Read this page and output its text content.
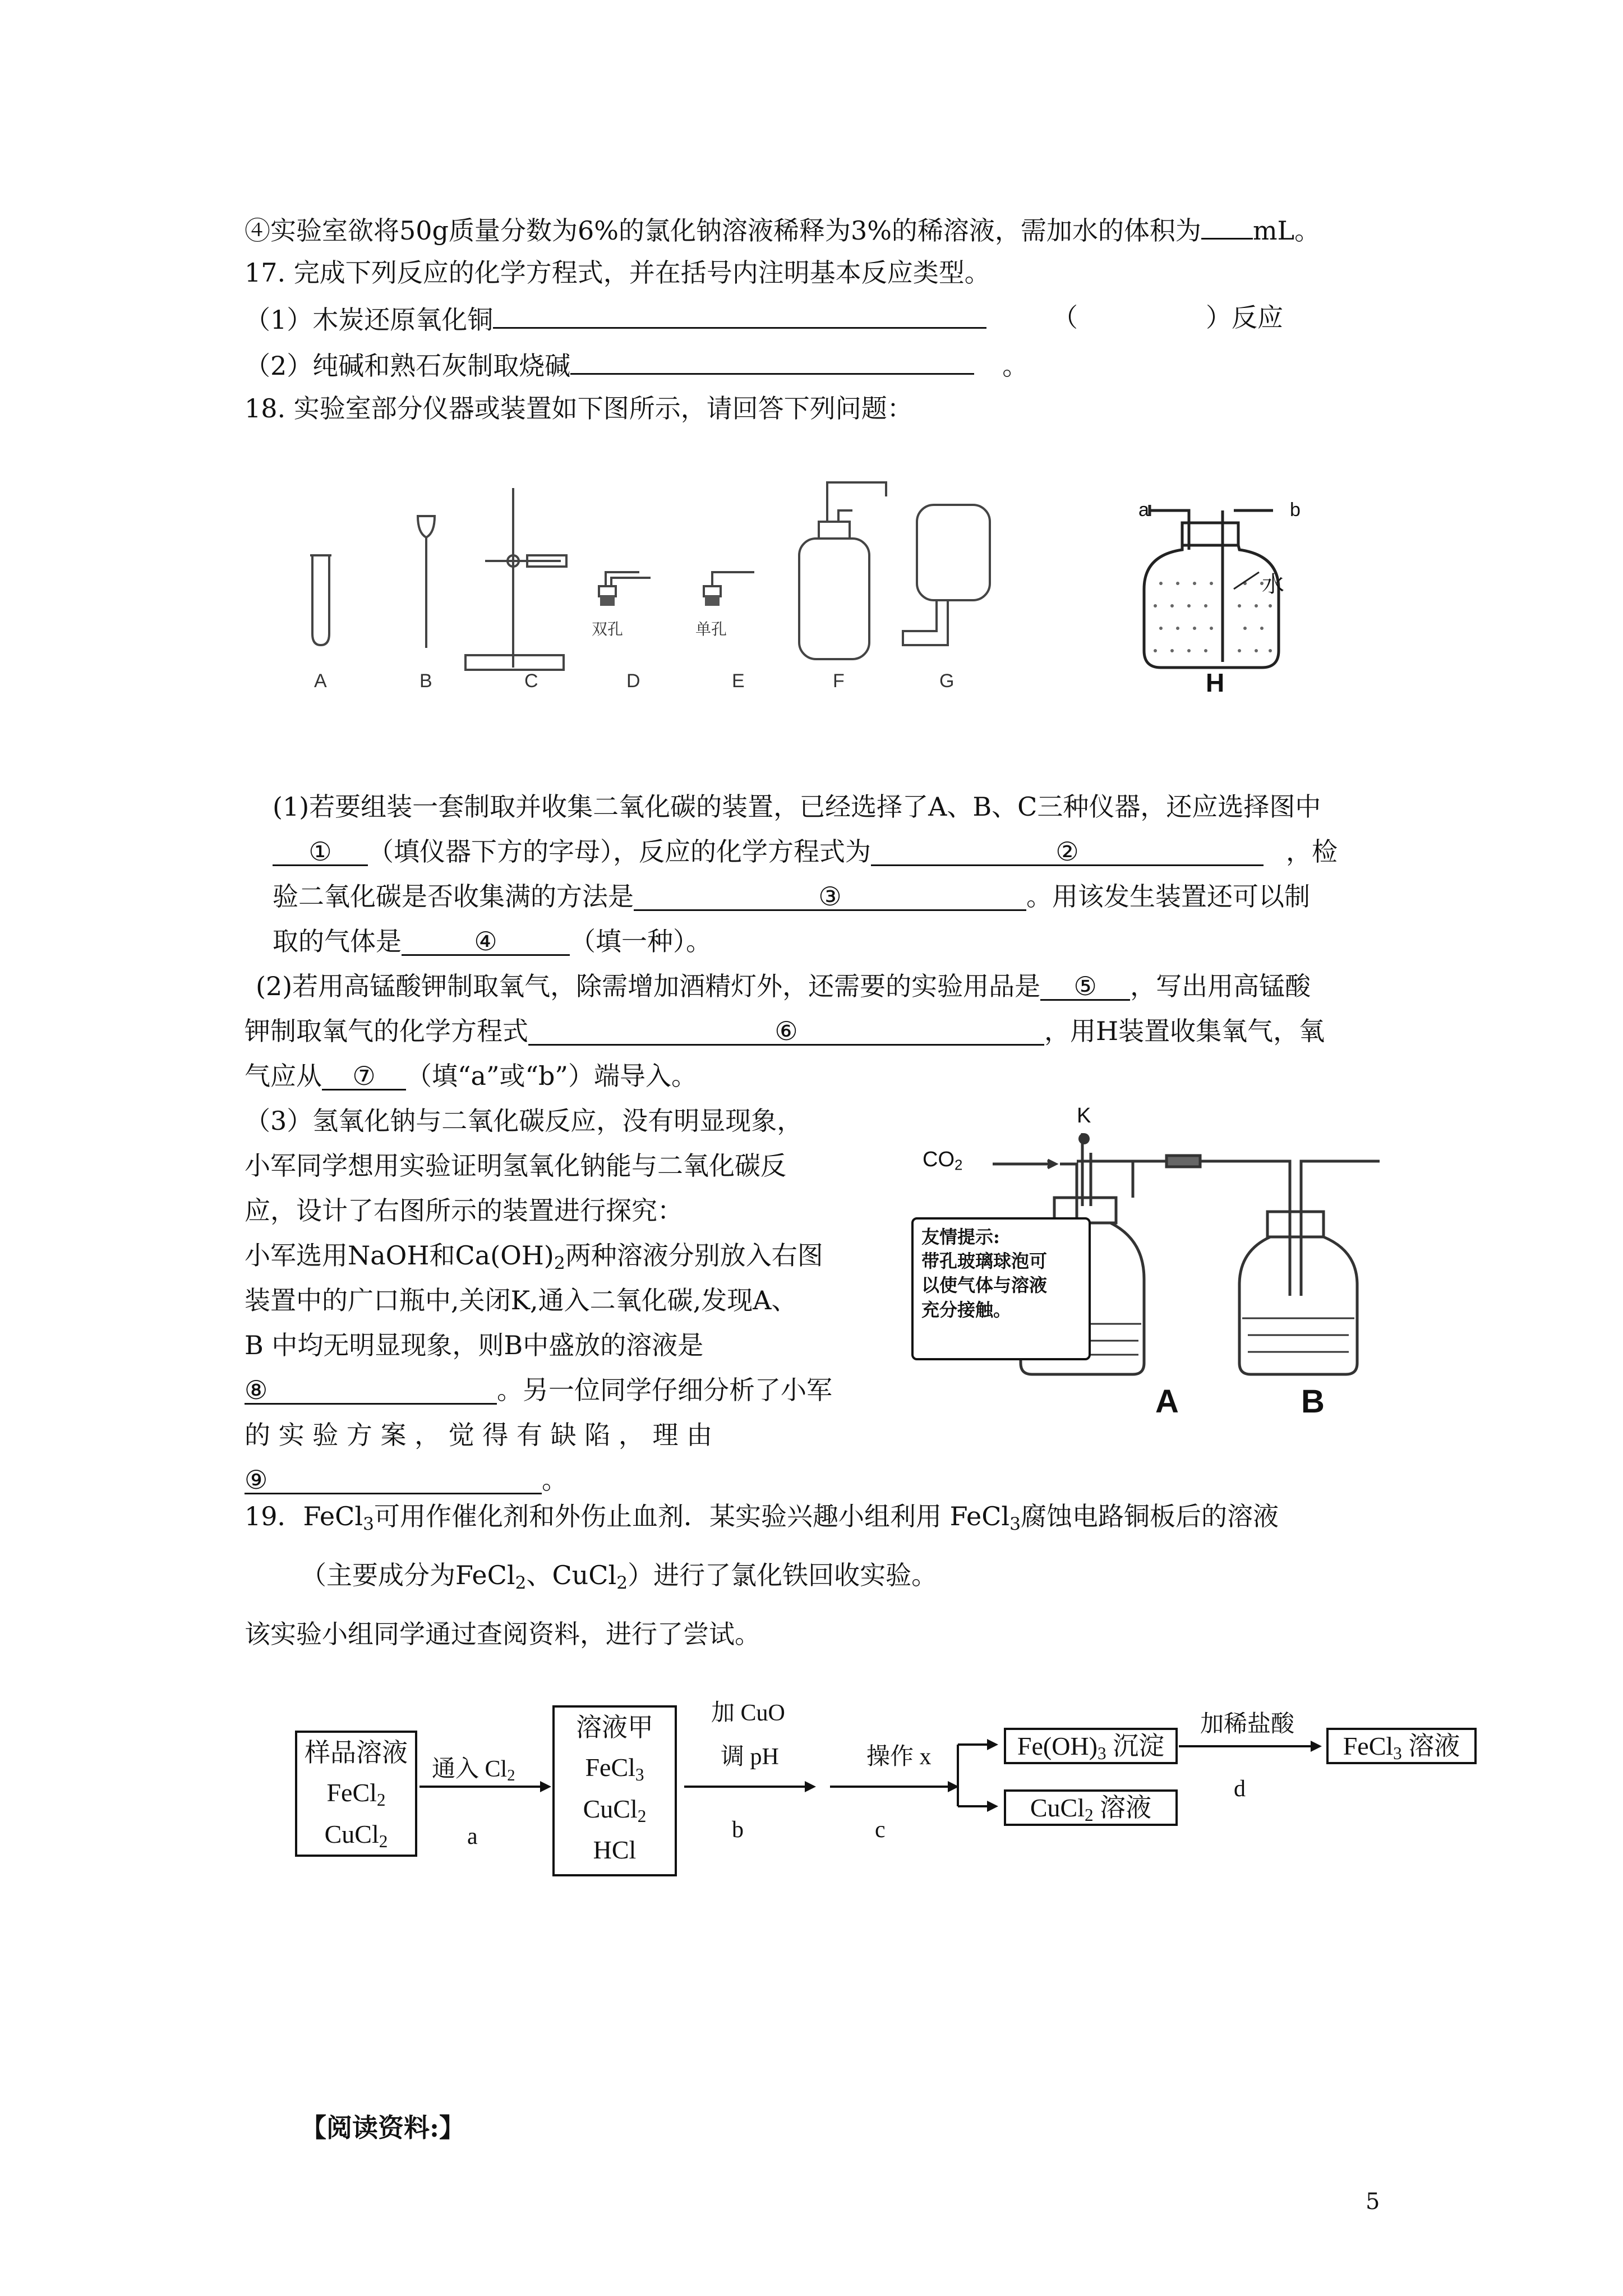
④实验室欲将50g质量分数为6%的氯化钠溶液稀释为3%的稀溶液，需加水的体积为 mL。
17. 完成下列反应的化学方程式，并在括号内注明基本反应类型。
（1）木炭还原氧化铜	（	）反应
（2）纯碱和熟石灰制取烧碱	。
18. 实验室部分仪器或装置如下图所示，请回答下列问题：
A	B	C	D	E	F	G
双孔	单孔
a	b
水
H
(1)若要组装一套制取并收集二氧化碳的装置，已经选择了A、B、C三种仪器，还应选择图中
① （填仪器下方的字母），反应的化学方程式为	②	，检
验二氧化碳是否收集满的方法是	③	。用该发生装置还可以制
取的气体是	④	（填一种）。
(2)若用高锰酸钾制取氧气，除需增加酒精灯外，还需要的实验用品是 ⑤ ，写出用高锰酸
钾制取氧气的化学方程式	⑥	，用H装置收集氧气，氧
气应从 ⑦ （填“a”或“b”）端导入。
（3）氢氧化钠与二氧化碳反应，没有明显现象，
小军同学想用实验证明氢氧化钠能与二氧化碳反
应，设计了右图所示的装置进行探究：
小军选用NaOH和$Ca(OH)_2$两种溶液分别放入右图
装置中的广口瓶中,关闭K,通入二氧化碳,发现A、
B 中均无明显现象，则B中盛放的溶液是
⑧	。另一位同学仔细分析了小军
的 实 验 方 案 ， 觉 得 有 缺 陷 ， 理 由
⑨	。
$CO_2$
K
友情提示:
带孔玻璃球泡可
以使气体与溶液
充分接触。
A	B
19．FeCl$_3$可用作催化剂和外伤止血剂．某实验兴趣小组利用 FeCl$_3$腐蚀电路铜板后的溶液
（主要成分为FeCl$_2$、CuCl$_2$）进行了氯化铁回收实验。
该实验小组同学通过查阅资料，进行了尝试。
样品溶液
FeCl$_2$
CuCl$_2$
通入 $Cl_2$
a
溶液甲
FeCl$_3$
CuCl$_2$
HCl
加 CuO
调 pH
b
操作 x
c
$Fe(OH)_3$ 沉淀
CuCl$_2$ 溶液
加稀盐酸
d
FeCl$_3$ 溶液
【阅读资料:】
5
